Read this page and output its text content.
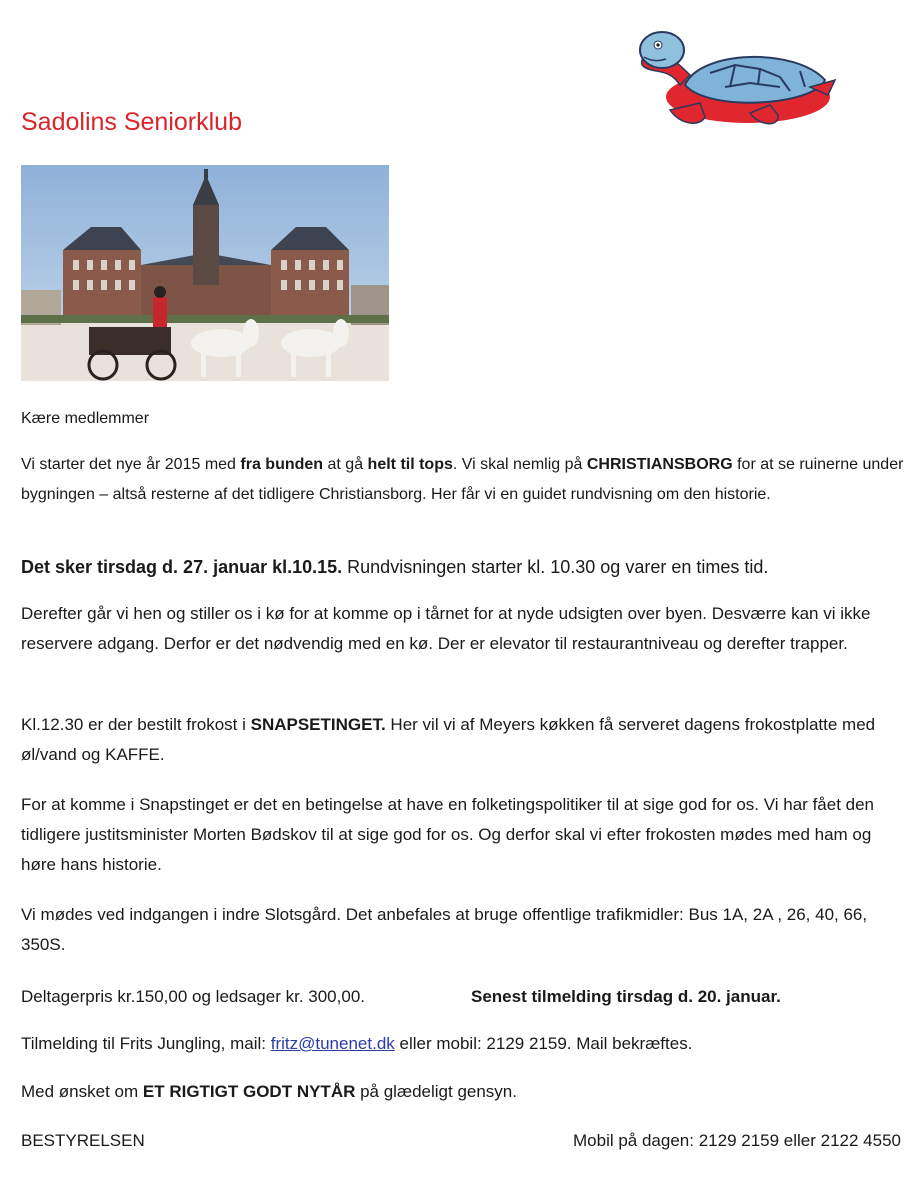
Sadolins Seniorklub
Kære medlemmer

Vi starter det nye år 2015 med fra bunden at gå helt til tops. Vi skal nemlig på CHRISTIANSBORG for at se ruinerne under bygningen – altså resterne af det tidligere Christiansborg. Her får vi en guidet rundvisning om den historie.

Det sker tirsdag d. 27. januar kl.10.15. Rundvisningen starter kl. 10.30 og varer en times tid.

Derefter går vi hen og stiller os i kø for at komme op i tårnet for at nyde udsigten over byen. Desværre kan vi ikke reservere adgang. Derfor er det nødvendig med en kø. Der er elevator til restaurantniveau og derefter trapper.

Kl.12.30 er der bestilt frokost i SNAPSETINGET. Her vil vi af Meyers køkken få serveret dagens frokostplatte med øl/vand og KAFFE.

For at komme i Snapstinget er det en betingelse at have en folketingspolitiker til at sige god for os. Vi har fået den tidligere justitsminister Morten Bødskov til at sige god for os. Og derfor skal vi efter frokosten mødes med ham og høre hans historie.

Vi mødes ved indgangen i indre Slotsgård. Det anbefales at bruge offentlige trafikmidler: Bus 1A, 2A , 26, 40, 66, 350S.

Deltagerpris kr.150,00 og ledsager kr. 300,00.	Senest tilmelding tirsdag d. 20. januar.

Tilmelding til Frits Jungling, mail: fritz@tunenet.dk eller mobil: 2129 2159. Mail bekræftes.

Med ønsket om ET RIGTIGT GODT NYTÅR på glædeligt gensyn.

BESTYRELSEN	Mobil på dagen: 2129 2159 eller 2122 4550
